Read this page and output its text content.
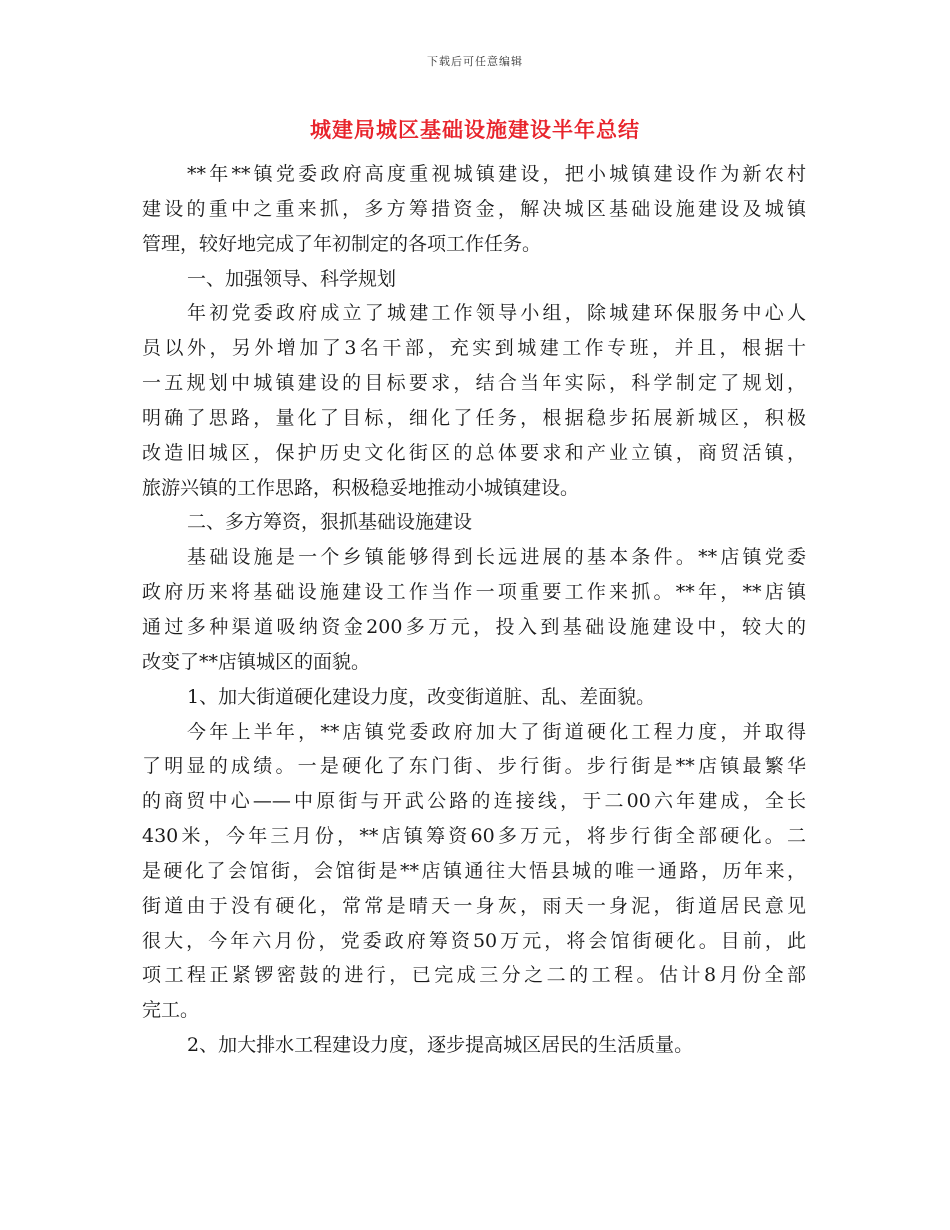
下载后可任意编辑
城建局城区基础设施建设半年总结
**年**镇党委政府高度重视城镇建设，把小城镇建设作为新农村
建设的重中之重来抓，多方筹措资金，解决城区基础设施建设及城镇
管理，较好地完成了年初制定的各项工作任务。
一、加强领导、科学规划
年初党委政府成立了城建工作领导小组，除城建环保服务中心人
员以外，另外增加了3名干部，充实到城建工作专班，并且，根据十
一五规划中城镇建设的目标要求，结合当年实际，科学制定了规划，
明确了思路，量化了目标，细化了任务，根据稳步拓展新城区，积极
改造旧城区，保护历史文化街区的总体要求和产业立镇，商贸活镇，
旅游兴镇的工作思路，积极稳妥地推动小城镇建设。
二、多方筹资，狠抓基础设施建设
基础设施是一个乡镇能够得到长远进展的基本条件。**店镇党委
政府历来将基础设施建设工作当作一项重要工作来抓。**年，**店镇
通过多种渠道吸纳资金200多万元，投入到基础设施建设中，较大的
改变了**店镇城区的面貌。
1、加大街道硬化建设力度，改变街道脏、乱、差面貌。
今年上半年，**店镇党委政府加大了街道硬化工程力度，并取得
了明显的成绩。一是硬化了东门街、步行街。步行街是**店镇最繁华
的商贸中心——中原街与开武公路的连接线，于二00六年建成，全长
430米，今年三月份，**店镇筹资60多万元，将步行街全部硬化。二
是硬化了会馆街，会馆街是**店镇通往大悟县城的唯一通路，历年来，
街道由于没有硬化，常常是晴天一身灰，雨天一身泥，街道居民意见
很大，今年六月份，党委政府筹资50万元，将会馆街硬化。目前，此
项工程正紧锣密鼓的进行，已完成三分之二的工程。估计8月份全部
完工。
2、加大排水工程建设力度，逐步提高城区居民的生活质量。
